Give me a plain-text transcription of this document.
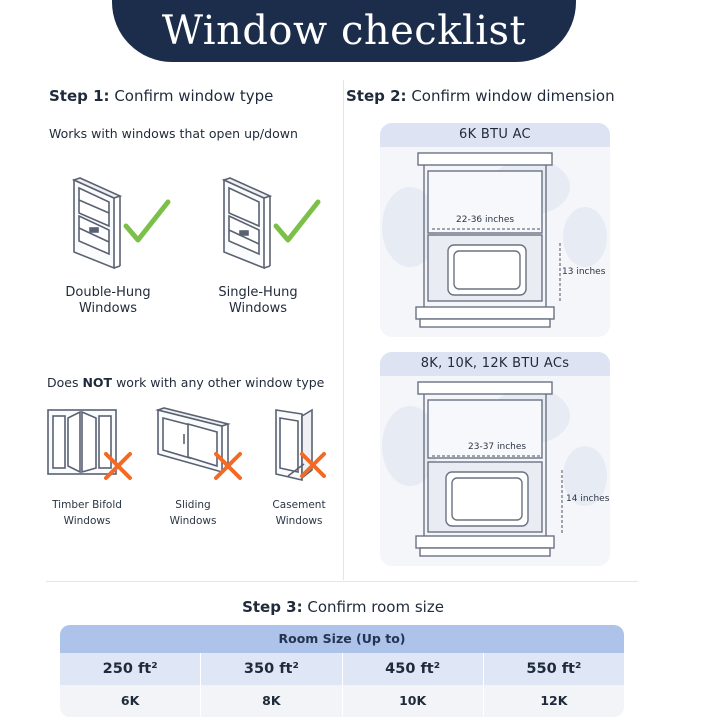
Window checklist
Step 1: Confirm window type
Works with windows that open up/down
Double-Hung
Windows
Single-Hung
Windows
Does NOT work with any other window type
Timber Bifold
Windows
Sliding
Windows
Casement
Windows
Step 2: Confirm window dimension
6K BTU AC
22-36 inches
13 inches
8K, 10K, 12K BTU ACs
23-37 inches
14 inches
Step 3: Confirm room size
Room Size (Up to)
250 ft²	350 ft²	450 ft²	550 ft²
6K	8K	10K	12K
